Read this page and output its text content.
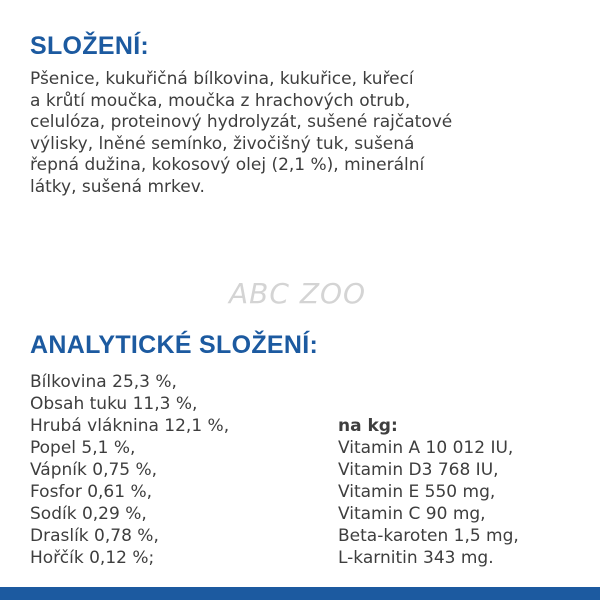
SLOŽENÍ:

Pšenice, kukuřičná bílkovina, kukuřice, kuřecí
a krůtí moučka, moučka z hrachových otrub,
celulóza, proteinový hydrolyzát, sušené rajčatové
výlisky, lněné semínko, živočišný tuk, sušená
řepná dužina, kokosový olej (2,1 %), minerální
látky, sušená mrkev.

ABC ZOO
ANALYTICKÉ SLOŽENÍ:
Bílkovina 25,3 %,
Obsah tuku 11,3 %,
Hrubá vláknina 12,1 %,
Popel 5,1 %,
Vápník 0,75 %,
Fosfor 0,61 %,
Sodík 0,29 %,
Draslík 0,78 %,
Hořčík 0,12 %;
na kg:
Vitamin A 10 012 IU,
Vitamin D3 768 IU,
Vitamin E 550 mg,
Vitamin C 90 mg,
Beta-karoten 1,5 mg,
L-karnitin 343 mg.
